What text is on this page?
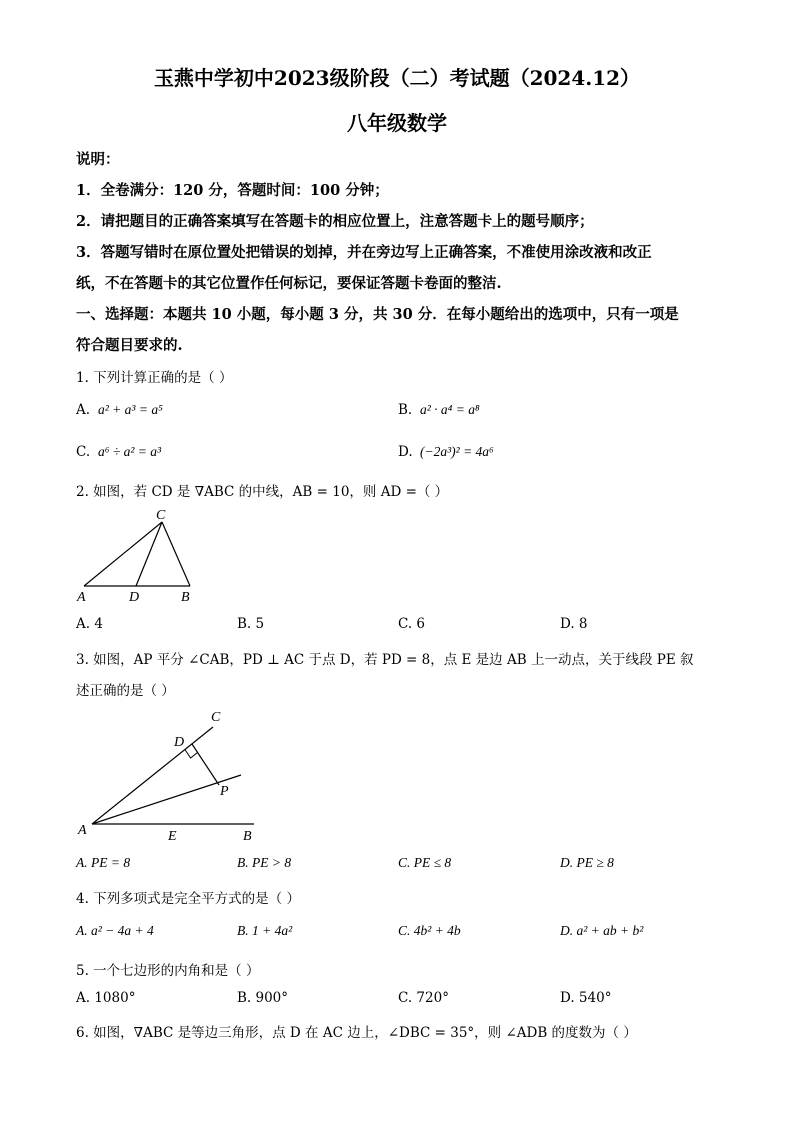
玉燕中学初中2023级阶段（二）考试题（2024.12）
八年级数学
说明：
1．全卷满分：120 分，答题时间：100 分钟；
2．请把题目的正确答案填写在答题卡的相应位置上，注意答题卡上的题号顺序；
3．答题写错时在原位置处把错误的划掉，并在旁边写上正确答案，不准使用涂改液和改正
纸，不在答题卡的其它位置作任何标记，要保证答题卡卷面的整洁.
一、选择题：本题共 10 小题，每小题 3 分，共 30 分．在每小题给出的选项中，只有一项是
符合题目要求的.
1. 下列计算正确的是（ ）
A. a² + a³ = a⁵	B. a² · a⁴ = a⁸
C. a⁶ ÷ a² = a³	D. (−2a³)² = 4a⁶
2. 如图，若 CD 是 ∇ABC 的中线，AB = 10，则 AD =（ ）
C
A	D	B
A. 4	B. 5	C. 6	D. 8
3. 如图，AP 平分 ∠CAB，PD ⊥ AC 于点 D，若 PD = 8，点 E 是边 AB 上一动点，关于线段 PE 叙
述正确的是（ ）
C
D
P
A	E	B
A. PE = 8	B. PE > 8	C. PE ≤ 8	D. PE ≥ 8
4. 下列多项式是完全平方式的是（ ）
A. a² − 4a + 4	B. 1 + 4a²	C. 4b² + 4b	D. a² + ab + b²
5. 一个七边形的内角和是（ ）
A. 1080°	B. 900°	C. 720°	D. 540°
6. 如图，∇ABC 是等边三角形，点 D 在 AC 边上，∠DBC = 35°，则 ∠ADB 的度数为（ ）
